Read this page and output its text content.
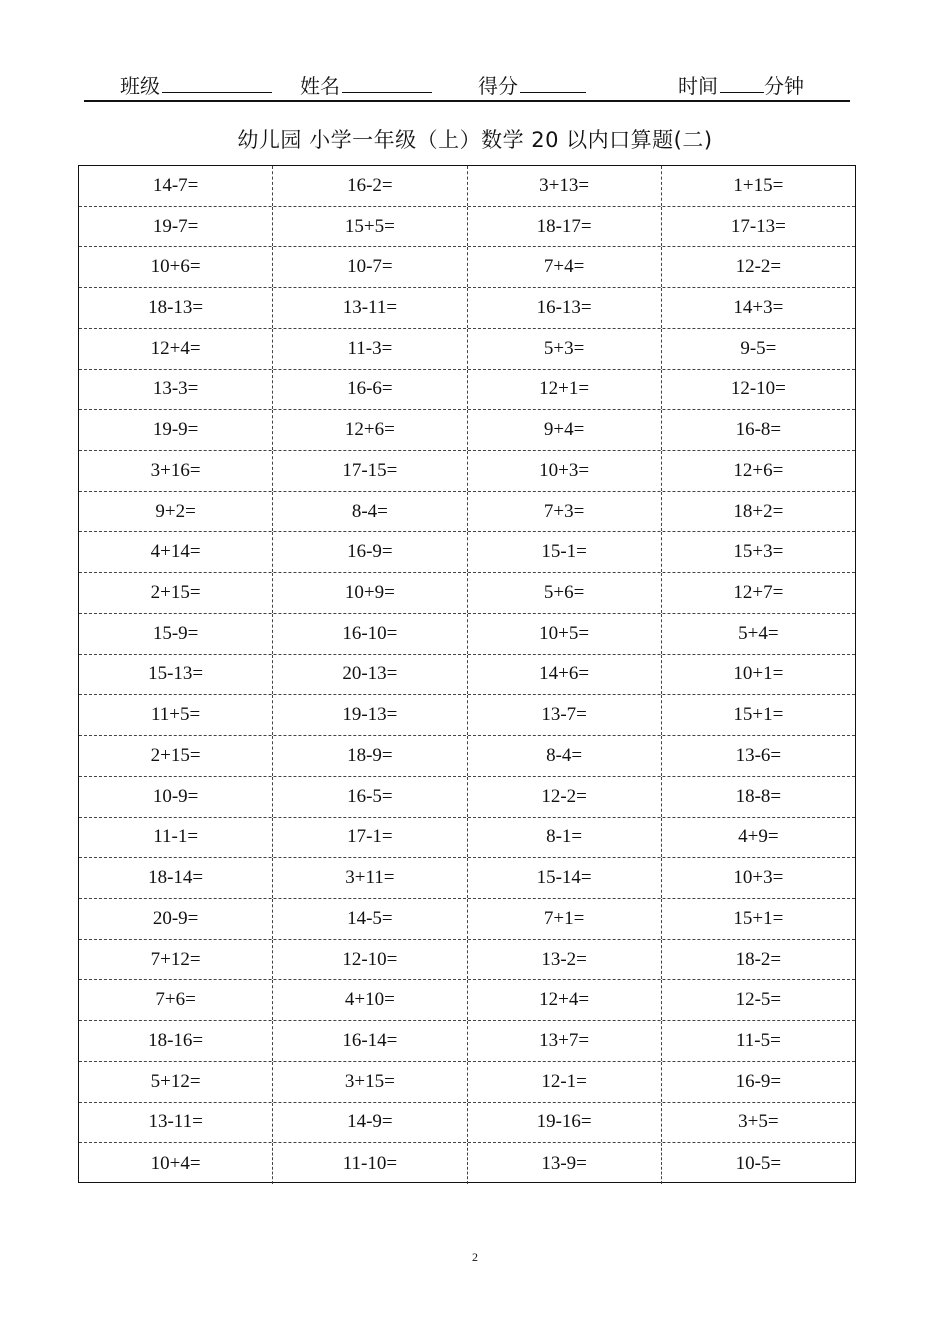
班级	姓名	得分	时间 分钟
幼儿园 小学一年级（上）数学 20 以内口算题(二)
14-7=	16-2=	3+13=	1+15=
19-7=	15+5=	18-17=	17-13=
10+6=	10-7=	7+4=	12-2=
18-13=	13-11=	16-13=	14+3=
12+4=	11-3=	5+3=	9-5=
13-3=	16-6=	12+1=	12-10=
19-9=	12+6=	9+4=	16-8=
3+16=	17-15=	10+3=	12+6=
9+2=	8-4=	7+3=	18+2=
4+14=	16-9=	15-1=	15+3=
2+15=	10+9=	5+6=	12+7=
15-9=	16-10=	10+5=	5+4=
15-13=	20-13=	14+6=	10+1=
11+5=	19-13=	13-7=	15+1=
2+15=	18-9=	8-4=	13-6=
10-9=	16-5=	12-2=	18-8=
11-1=	17-1=	8-1=	4+9=
18-14=	3+11=	15-14=	10+3=
20-9=	14-5=	7+1=	15+1=
7+12=	12-10=	13-2=	18-2=
7+6=	4+10=	12+4=	12-5=
18-16=	16-14=	13+7=	11-5=
5+12=	3+15=	12-1=	16-9=
13-11=	14-9=	19-16=	3+5=
10+4=	11-10=	13-9=	10-5=
2
